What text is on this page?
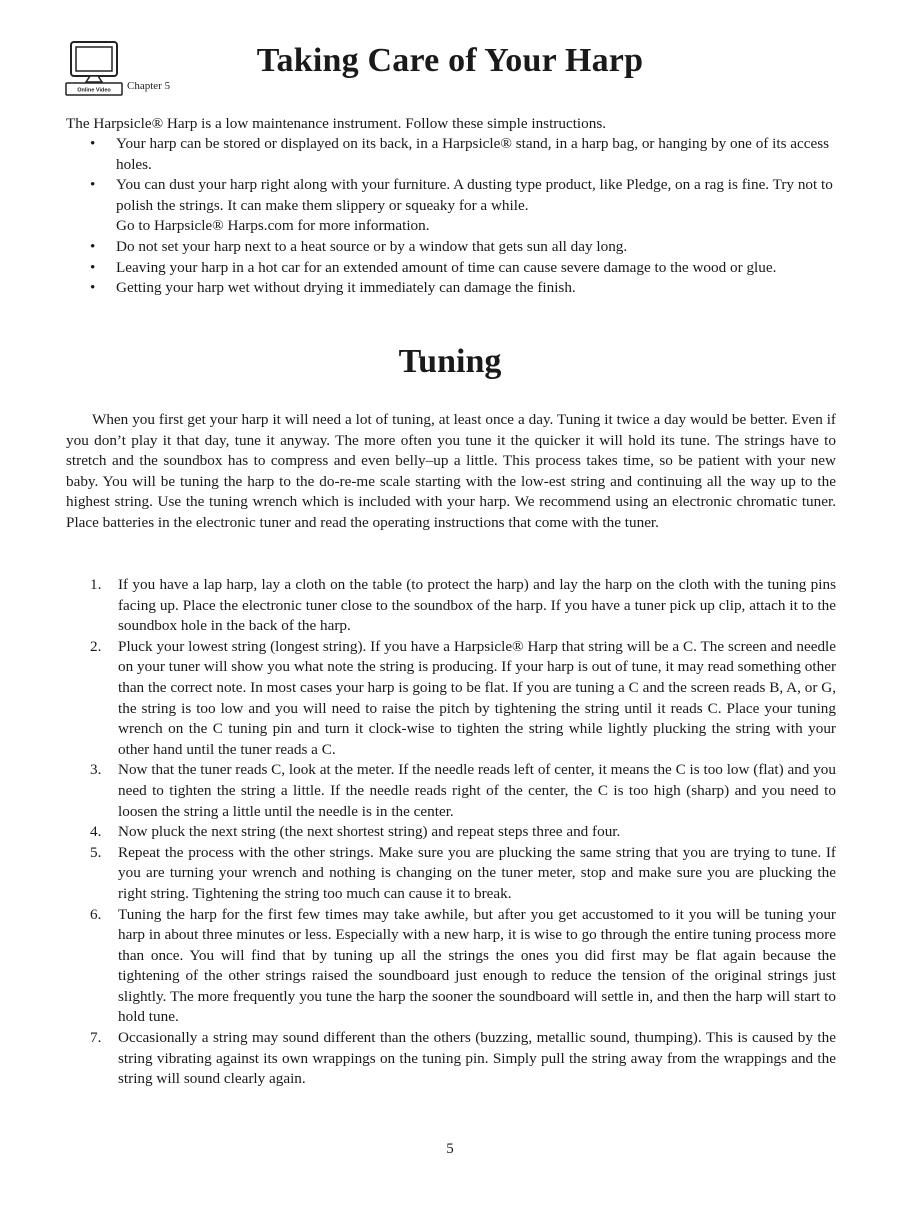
Online Video Chapter 5
Taking Care of Your Harp

The Harpsicle® Harp is a low maintenance instrument. Follow these simple instructions.

• Your harp can be stored or displayed on its back, in a Harpsicle® stand, in a harp bag, or hanging by one of its access holes.
• You can dust your harp right along with your furniture. A dusting type product, like Pledge, on a rag is fine. Try not to polish the strings. It can make them slippery or squeaky for a while.
Go to Harpsicle® Harps.com for more information.
• Do not set your harp next to a heat source or by a window that gets sun all day long.
• Leaving your harp in a hot car for an extended amount of time can cause severe damage to the wood or glue.
• Getting your harp wet without drying it immediately can damage the finish.
Tuning

When you first get your harp it will need a lot of tuning, at least once a day. Tuning it twice a day would be better. Even if you don’t play it that day, tune it anyway. The more often you tune it the quicker it will hold its tune. The strings have to stretch and the soundbox has to compress and even belly–up a little. This process takes time, so be patient with your new baby. You will be tuning the harp to the do-re-me scale starting with the low-est string and continuing all the way up to the highest string. Use the tuning wrench which is included with your harp. We recommend using an electronic chromatic tuner. Place batteries in the electronic tuner and read the operating instructions that come with the tuner.

1. If you have a lap harp, lay a cloth on the table (to protect the harp) and lay the harp on the cloth with the tuning pins facing up. Place the electronic tuner close to the soundbox of the harp. If you have a tuner pick up clip, attach it to the soundbox hole in the back of the harp.
2. Pluck your lowest string (longest string). If you have a Harpsicle® Harp that string will be a C. The screen and needle on your tuner will show you what note the string is producing. If your harp is out of tune, it may read something other than the correct note. In most cases your harp is going to be flat. If you are tuning a C and the screen reads B, A, or G, the string is too low and you will need to raise the pitch by tightening the string until it reads C. Place your tuning wrench on the C tuning pin and turn it clock-wise to tighten the string while lightly plucking the string with your other hand until the tuner reads a C.
3. Now that the tuner reads C, look at the meter. If the needle reads left of center, it means the C is too low (flat) and you need to tighten the string a little. If the needle reads right of the center, the C is too high (sharp) and you need to loosen the string a little until the needle is in the center.
4. Now pluck the next string (the next shortest string) and repeat steps three and four.
5. Repeat the process with the other strings. Make sure you are plucking the same string that you are trying to tune. If you are turning your wrench and nothing is changing on the tuner meter, stop and make sure you are plucking the right string. Tightening the string too much can cause it to break.
6. Tuning the harp for the first few times may take awhile, but after you get accustomed to it you will be tuning your harp in about three minutes or less. Especially with a new harp, it is wise to go through the entire tuning process more than once. You will find that by tuning up all the strings the ones you did first may be flat again because the tightening of the other strings raised the soundboard just enough to reduce the tension of the original strings just slightly. The more frequently you tune the harp the sooner the soundboard will settle in, and then the harp will start to hold tune.
7. Occasionally a string may sound different than the others (buzzing, metallic sound, thumping). This is caused by the string vibrating against its own wrappings on the tuning pin. Simply pull the string away from the wrappings and the string will sound clearly again.
5
